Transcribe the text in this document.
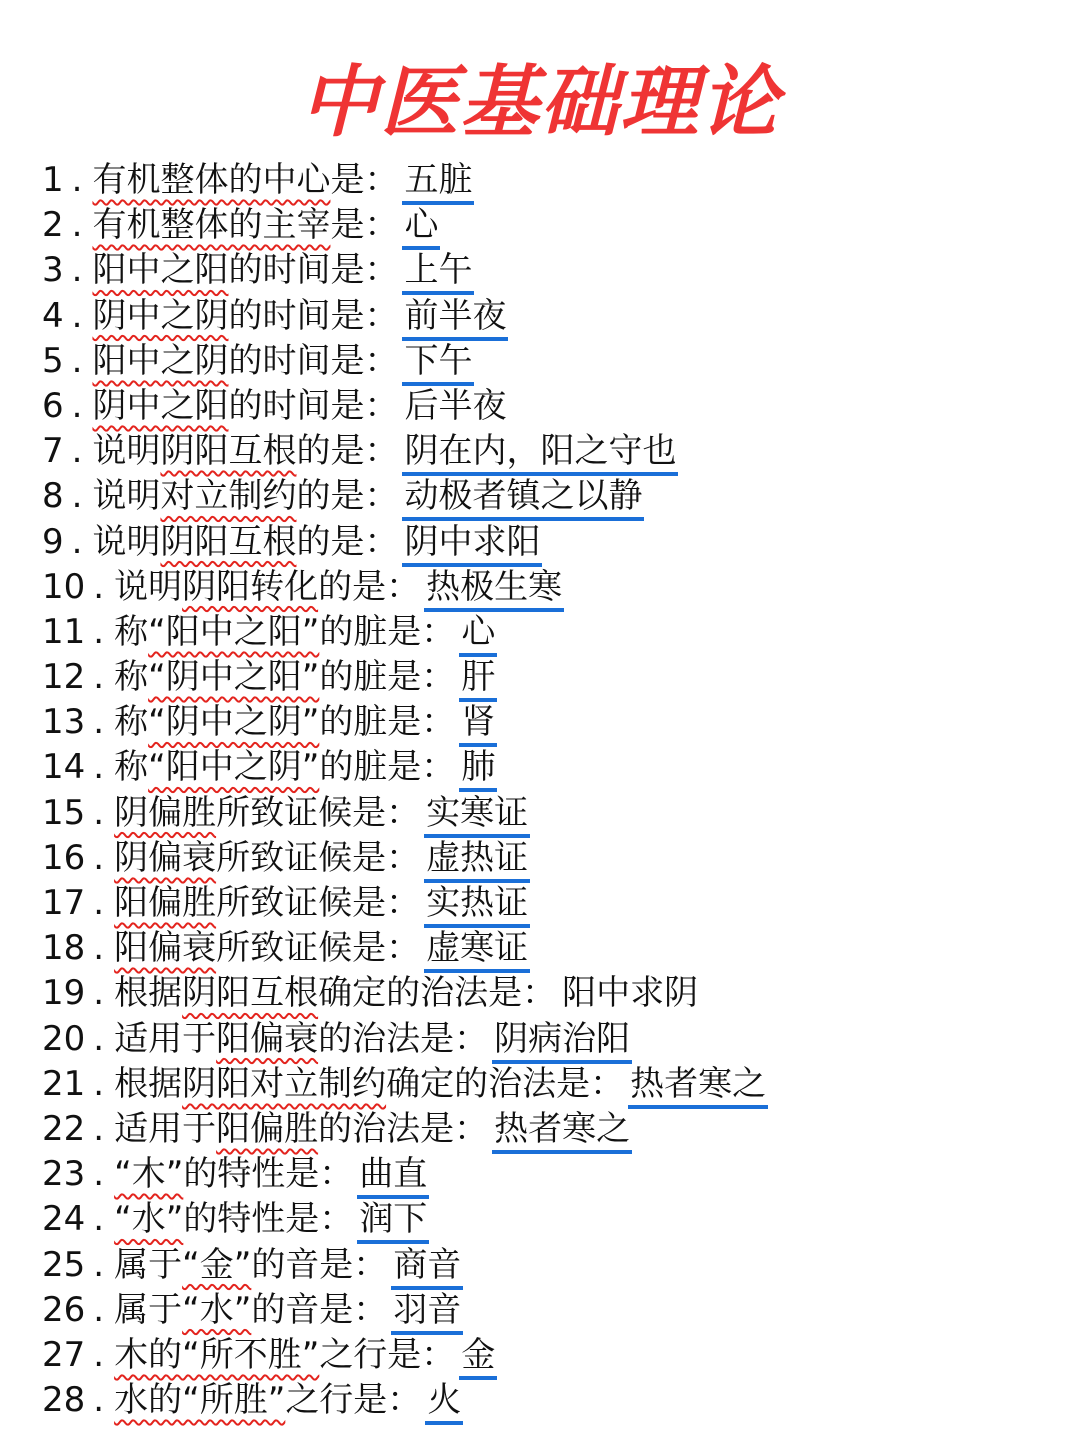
中医基础理论
1 . 有机整体的中心是： 五脏
2 . 有机整体的主宰是： 心
3 . 阳中之阳的时间是： 上午
4 . 阴中之阴的时间是： 前半夜
5 . 阳中之阴的时间是： 下午
6 . 阴中之阳的时间是： 后半夜
7 . 说明阴阳互根的是： 阴在内，阳之守也
8 . 说明对立制约的是： 动极者镇之以静
9 . 说明阴阳互根的是： 阴中求阳
10 . 说明阴阳转化的是： 热极生寒
11 . 称“阳中之阳”的脏是： 心
12 . 称“阴中之阳”的脏是： 肝
13 . 称“阴中之阴”的脏是： 肾
14 . 称“阳中之阴”的脏是： 肺
15 . 阴偏胜所致证候是： 实寒证
16 . 阴偏衰所致证候是： 虚热证
17 . 阳偏胜所致证候是： 实热证
18 . 阳偏衰所致证候是： 虚寒证
19 . 根据阴阳互根确定的治法是： 阳中求阴
20 . 适用于阳偏衰的治法是： 阴病治阳
21 . 根据阴阳对立制约确定的治法是： 热者寒之
22 . 适用于阳偏胜的治法是： 热者寒之
23 . “木”的特性是： 曲直
24 . “水”的特性是： 润下
25 . 属于“金”的音是： 商音
26 . 属于“水”的音是： 羽音
27 . 木的“所不胜”之行是： 金
28 . 水的“所胜”之行是： 火
